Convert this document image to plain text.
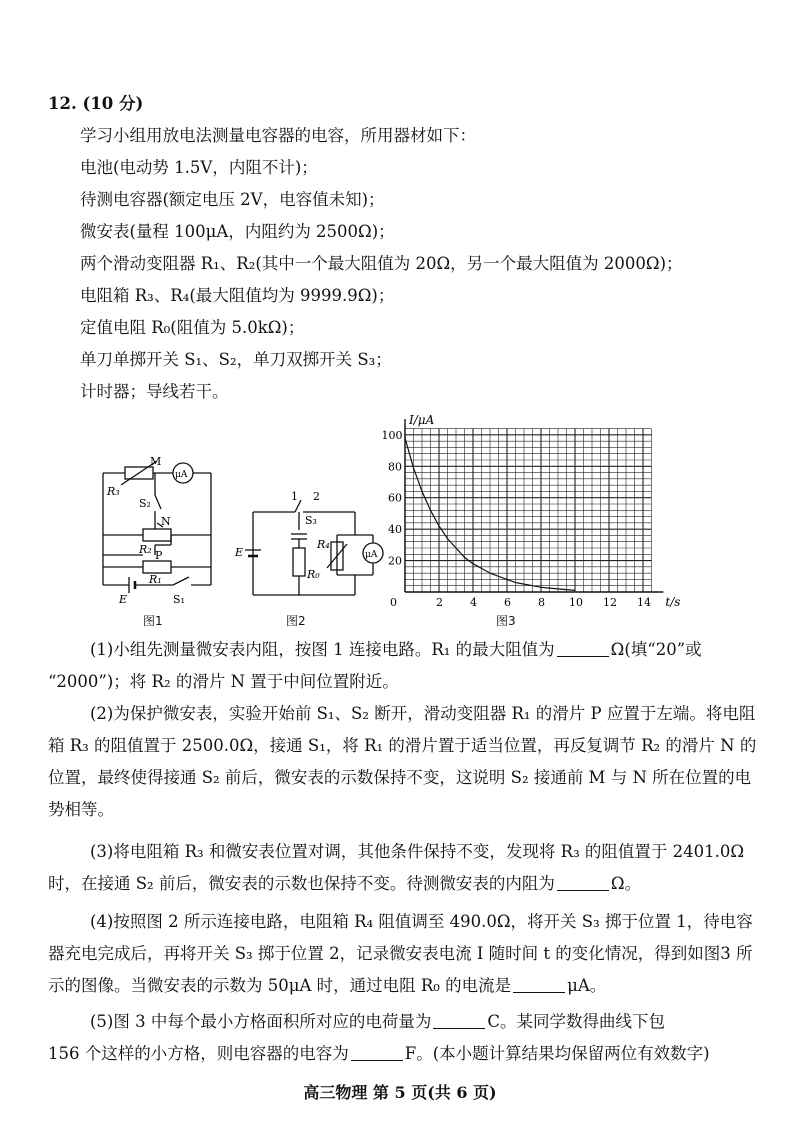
12. (10 分)
学习小组用放电法测量电容器的电容，所用器材如下：
电池(电动势 1.5V，内阻不计)；
待测电容器(额定电压 2V，电容值未知)；
微安表(量程 100μA，内阻约为 2500Ω)；
两个滑动变阻器 R₁、R₂(其中一个最大阻值为 20Ω，另一个最大阻值为 2000Ω)；
电阻箱 R₃、R₄(最大阻值均为 9999.9Ω)；
定值电阻 R₀(阻值为 5.0kΩ)；
单刀单掷开关 S₁、S₂，单刀双掷开关 S₃；
计时器；导线若干。
R₃
M
μA
S₂
N
R₂ P
R₁
E	S₁
图1
1 2
S₃
E
R₄
R₀
μA
图2
0	2 4 6 8 10 12 14
20
40
60
80
100
I/μA
t/s
图3
(1)小组先测量微安表内阻，按图 1 连接电路。R₁ 的最大阻值为	Ω(填“20”或
“2000”)；将 R₂ 的滑片 N 置于中间位置附近。
(2)为保护微安表，实验开始前 S₁、S₂ 断开，滑动变阻器 R₁ 的滑片 P 应置于左端。将电阻
箱 R₃ 的阻值置于 2500.0Ω，接通 S₁，将 R₁ 的滑片置于适当位置，再反复调节 R₂ 的滑片 N 的
位置，最终使得接通 S₂ 前后，微安表的示数保持不变，这说明 S₂ 接通前 M 与 N 所在位置的电
势相等。
(3)将电阻箱 R₃ 和微安表位置对调，其他条件保持不变，发现将 R₃ 的阻值置于 2401.0Ω
时，在接通 S₂ 前后，微安表的示数也保持不变。待测微安表的内阻为	Ω。
(4)按照图 2 所示连接电路，电阻箱 R₄ 阻值调至 490.0Ω，将开关 S₃ 掷于位置 1，待电容
器充电完成后，再将开关 S₃ 掷于位置 2，记录微安表电流 I 随时间 t 的变化情况，得到如图3 所
示的图像。当微安表的示数为 50μA 时，通过电阻 R₀ 的电流是	μA。
(5)图 3 中每个最小方格面积所对应的电荷量为	C。某同学数得曲线下包
156 个这样的小方格，则电容器的电容为	F。(本小题计算结果均保留两位有效数字)
高三物理 第 5 页(共 6 页)
